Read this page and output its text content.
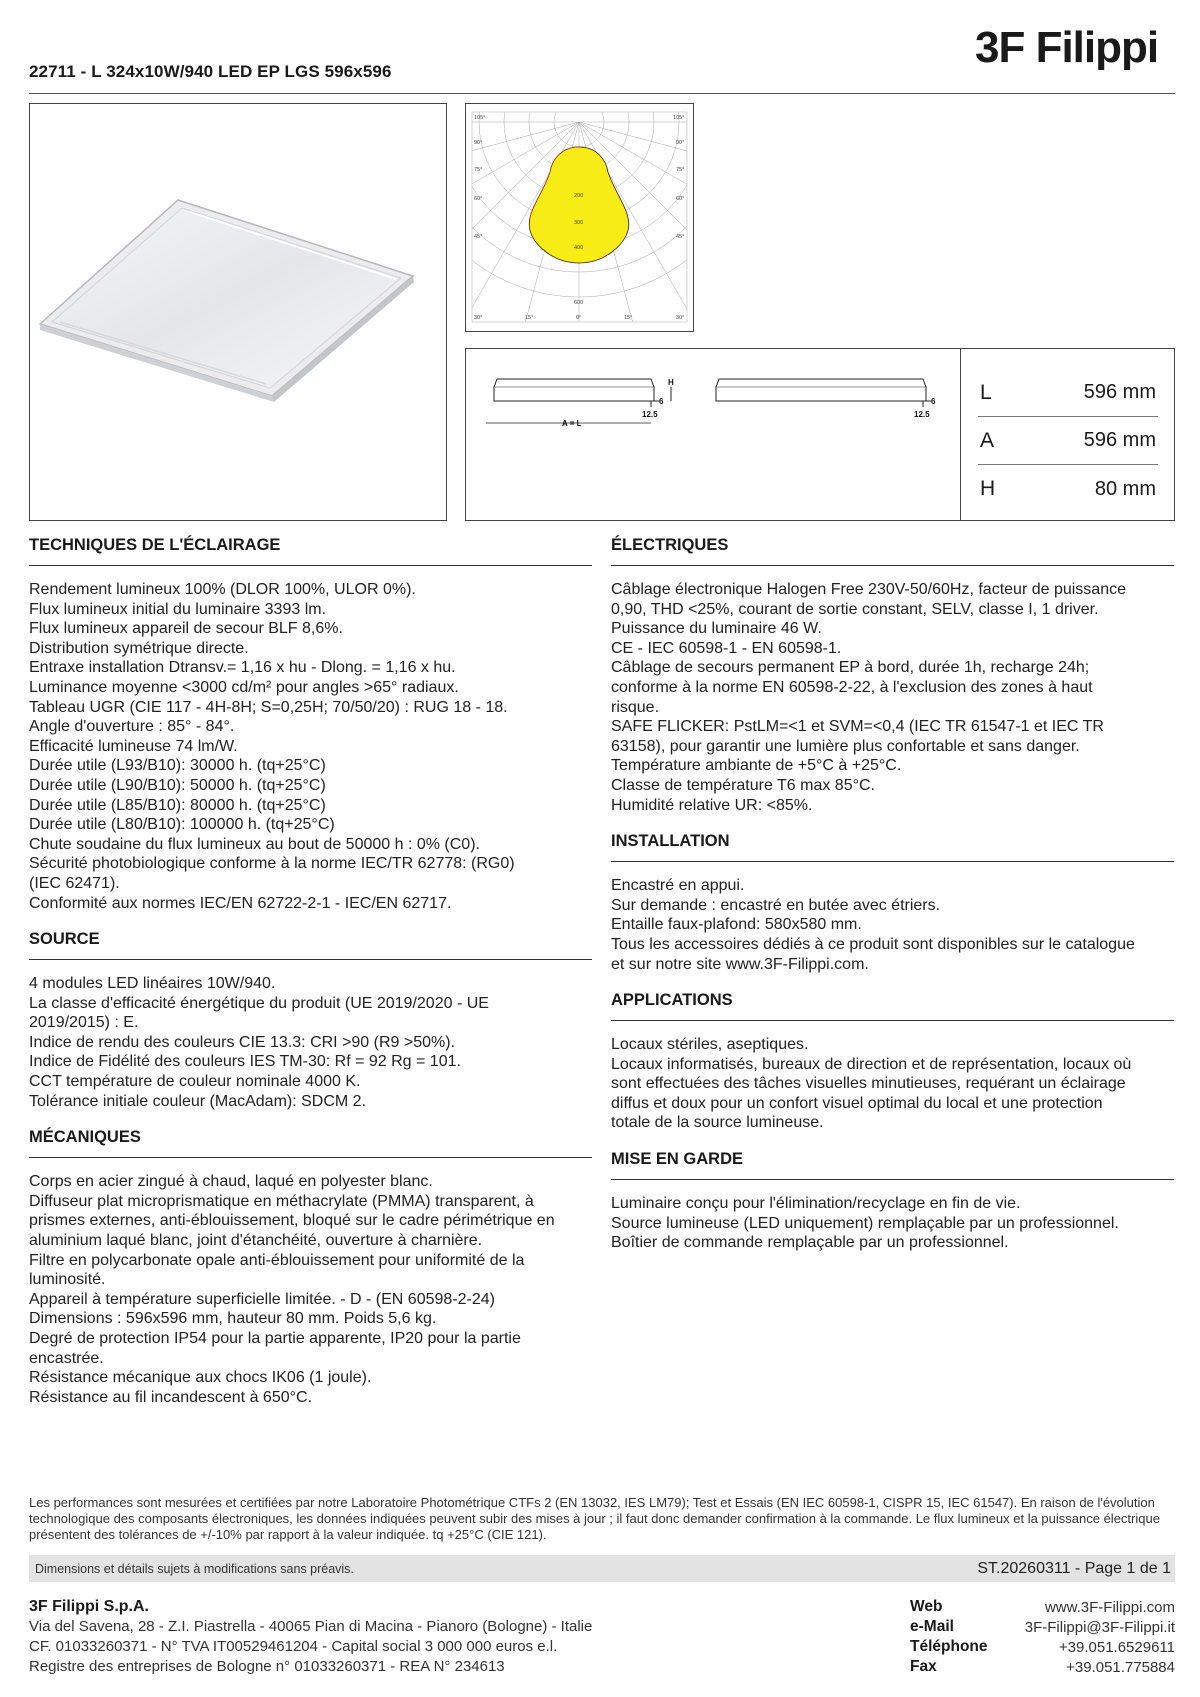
22711 - L 324x10W/940 LED EP LGS 596x596	3F Filippi
105°
90°
75°
60°
45°
30°	15°	0°	15°	30°
105°
90°
75°
60°
45°
200
300
400
600
A = L
H
6
12.5
6
12.5
L	596 mm
A	596 mm
H	80 mm
TECHNIQUES DE L'ÉCLAIRAGE

Rendement lumineux 100% (DLOR 100%, ULOR 0%).

Flux lumineux initial du luminaire 3393 lm.

Flux lumineux appareil de secour BLF 8,6%.

Distribution symétrique directe.

Entraxe installation Dtransv.= 1,16 x hu - Dlong. = 1,16 x hu.

Luminance moyenne <3000 cd/m² pour angles >65° radiaux.

Tableau UGR (CIE 117 - 4H-8H; S=0,25H; 70/50/20) : RUG 18 - 18.

Angle d'ouverture : 85° - 84°.

Efficacité lumineuse 74 lm/W.

Durée utile (L93/B10): 30000 h. (tq+25°C)

Durée utile (L90/B10): 50000 h. (tq+25°C)

Durée utile (L85/B10): 80000 h. (tq+25°C)

Durée utile (L80/B10): 100000 h. (tq+25°C)

Chute soudaine du flux lumineux au bout de 50000 h : 0% (C0).

Sécurité photobiologique conforme à la norme IEC/TR 62778: (RG0)

(IEC 62471).

Conformité aux normes IEC/EN 62722-2-1 - IEC/EN 62717.

SOURCE

4 modules LED linéaires 10W/940.

La classe d'efficacité énergétique du produit (UE 2019/2020 - UE

2019/2015) : E.

Indice de rendu des couleurs CIE 13.3: CRI >90 (R9 >50%).

Indice de Fidélité des couleurs IES TM-30: Rf = 92 Rg = 101.

CCT température de couleur nominale 4000 K.

Tolérance initiale couleur (MacAdam): SDCM 2.

MÉCANIQUES

Corps en acier zingué à chaud, laqué en polyester blanc.

Diffuseur plat microprismatique en méthacrylate (PMMA) transparent, à

prismes externes, anti-éblouissement, bloqué sur le cadre périmétrique en

aluminium laqué blanc, joint d'étanchéité, ouverture à charnière.

Filtre en polycarbonate opale anti-éblouissement pour uniformité de la

luminosité.

Appareil à température superficielle limitée. - D - (EN 60598-2-24)

Dimensions : 596x596 mm, hauteur 80 mm. Poids 5,6 kg.

Degré de protection IP54 pour la partie apparente, IP20 pour la partie

encastrée.

Résistance mécanique aux chocs IK06 (1 joule).

Résistance au fil incandescent à 650°C.

ÉLECTRIQUES

Câblage électronique Halogen Free 230V-50/60Hz, facteur de puissance

0,90, THD <25%, courant de sortie constant, SELV, classe I, 1 driver.

Puissance du luminaire 46 W.

CE - IEC 60598-1 - EN 60598-1.

Câblage de secours permanent EP à bord, durée 1h, recharge 24h;

conforme à la norme EN 60598-2-22, à l'exclusion des zones à haut

risque.

SAFE FLICKER: PstLM=<1 et SVM=<0,4 (IEC TR 61547-1 et IEC TR

63158), pour garantir une lumière plus confortable et sans danger.

Température ambiante de +5°C à +25°C.

Classe de température T6 max 85°C.

Humidité relative UR: <85%.

INSTALLATION

Encastré en appui.

Sur demande : encastré en butée avec étriers.

Entaille faux-plafond: 580x580 mm.

Tous les accessoires dédiés à ce produit sont disponibles sur le catalogue

et sur notre site www.3F-Filippi.com.

APPLICATIONS

Locaux stériles, aseptiques.

Locaux informatisés, bureaux de direction et de représentation, locaux où

sont effectuées des tâches visuelles minutieuses, requérant un éclairage

diffus et doux pour un confort visuel optimal du local et une protection

totale de la source lumineuse.

MISE EN GARDE

Luminaire conçu pour l'élimination/recyclage en fin de vie.

Source lumineuse (LED uniquement) remplaçable par un professionnel.

Boîtier de commande remplaçable par un professionnel.

Les performances sont mesurées et certifiées par notre Laboratoire Photométrique CTFs 2 (EN 13032, IES LM79); Test et Essais (EN IEC 60598-1, CISPR 15, IEC 61547). En raison de l'évolution technologique des composants électroniques, les données indiquées peuvent subir des mises à jour ; il faut donc demander confirmation à la commande. Le flux lumineux et la puissance électrique présentent des tolérances de +/-10% par rapport à la valeur indiquée. tq +25°C (CIE 121).
Dimensions et détails sujets à modifications sans préavis.	ST.20260311 - Page 1 de 1
3F Filippi S.p.A.

Via del Savena, 28 - Z.I. Piastrella - 40065 Pian di Macina - Pianoro (Bologne) - Italie

CF. 01033260371 - N° TVA IT00529461204 - Capital social 3 000 000 euros e.l.

Registre des entreprises de Bologne n° 01033260371 - REA N° 234613

Web	www.3F-Filippi.com
e-Mail	3F-Filippi@3F-Filippi.it
Téléphone	+39.051.6529611
Fax	+39.051.775884
